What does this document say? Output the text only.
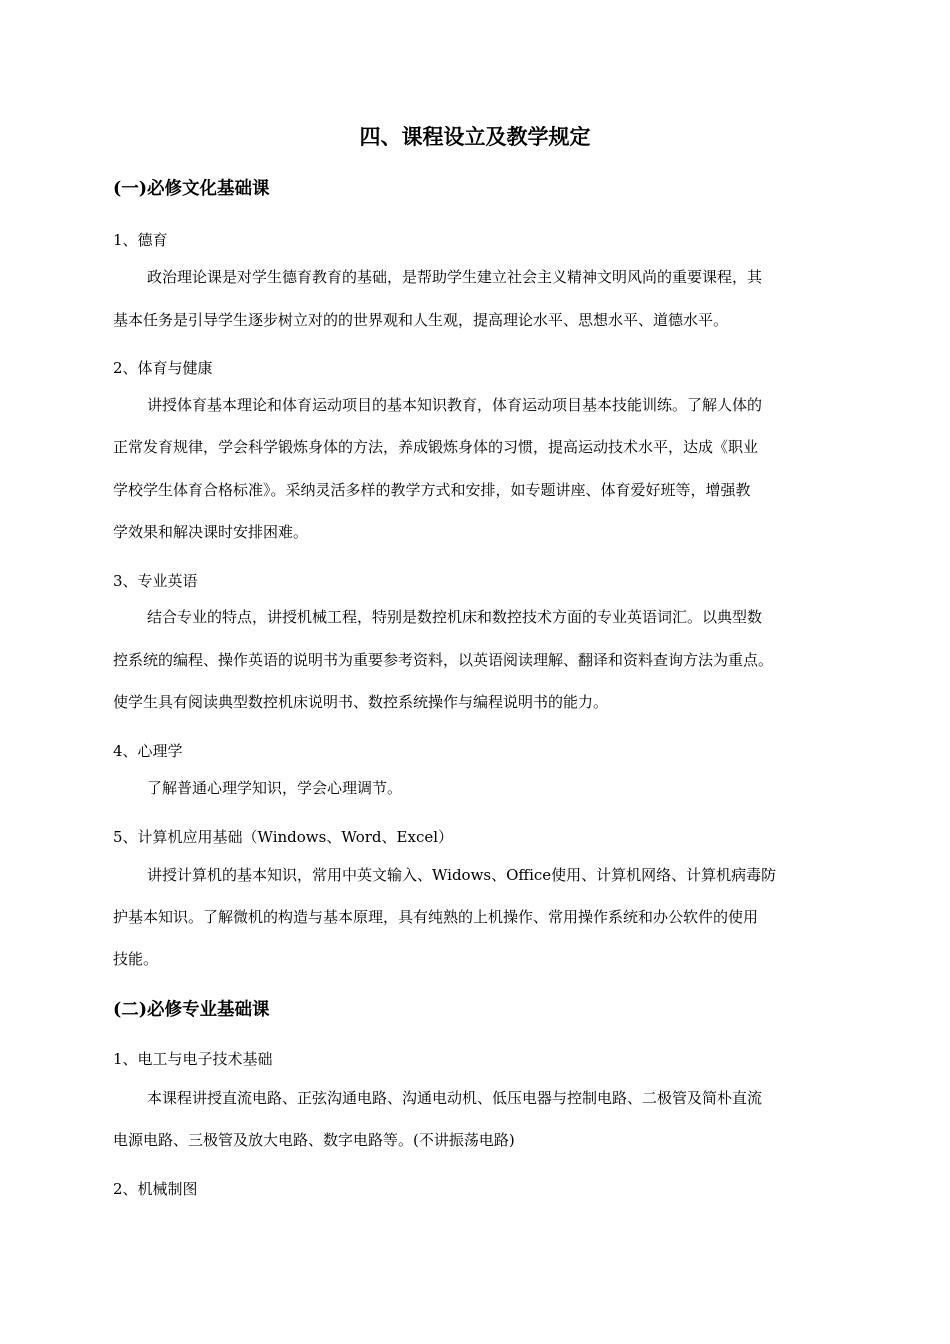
四、课程设立及教学规定
(一)必修文化基础课
1、德育
政治理论课是对学生德育教育的基础，是帮助学生建立社会主义精神文明风尚的重要课程，其
基本任务是引导学生逐步树立对的的世界观和人生观，提高理论水平、思想水平、道德水平。
2、体育与健康
讲授体育基本理论和体育运动项目的基本知识教育，体育运动项目基本技能训练。了解人体的
正常发育规律，学会科学锻炼身体的方法，养成锻炼身体的习惯，提高运动技术水平，达成《职业
学校学生体育合格标准》。采纳灵活多样的教学方式和安排，如专题讲座、体育爱好班等，增强教
学效果和解决课时安排困难。
3、专业英语
结合专业的特点，讲授机械工程，特别是数控机床和数控技术方面的专业英语词汇。以典型数
控系统的编程、操作英语的说明书为重要参考资料，以英语阅读理解、翻译和资料查询方法为重点。
使学生具有阅读典型数控机床说明书、数控系统操作与编程说明书的能力。
4、心理学
了解普通心理学知识，学会心理调节。
5、计算机应用基础（Windows、Word、Excel）
讲授计算机的基本知识，常用中英文输入、Widows、Office使用、计算机网络、计算机病毒防
护基本知识。了解微机的构造与基本原理，具有纯熟的上机操作、常用操作系统和办公软件的使用
技能。
(二)必修专业基础课
1、电工与电子技术基础
本课程讲授直流电路、正弦沟通电路、沟通电动机、低压电器与控制电路、二极管及简朴直流
电源电路、三极管及放大电路、数字电路等。(不讲振荡电路)
2、机械制图
